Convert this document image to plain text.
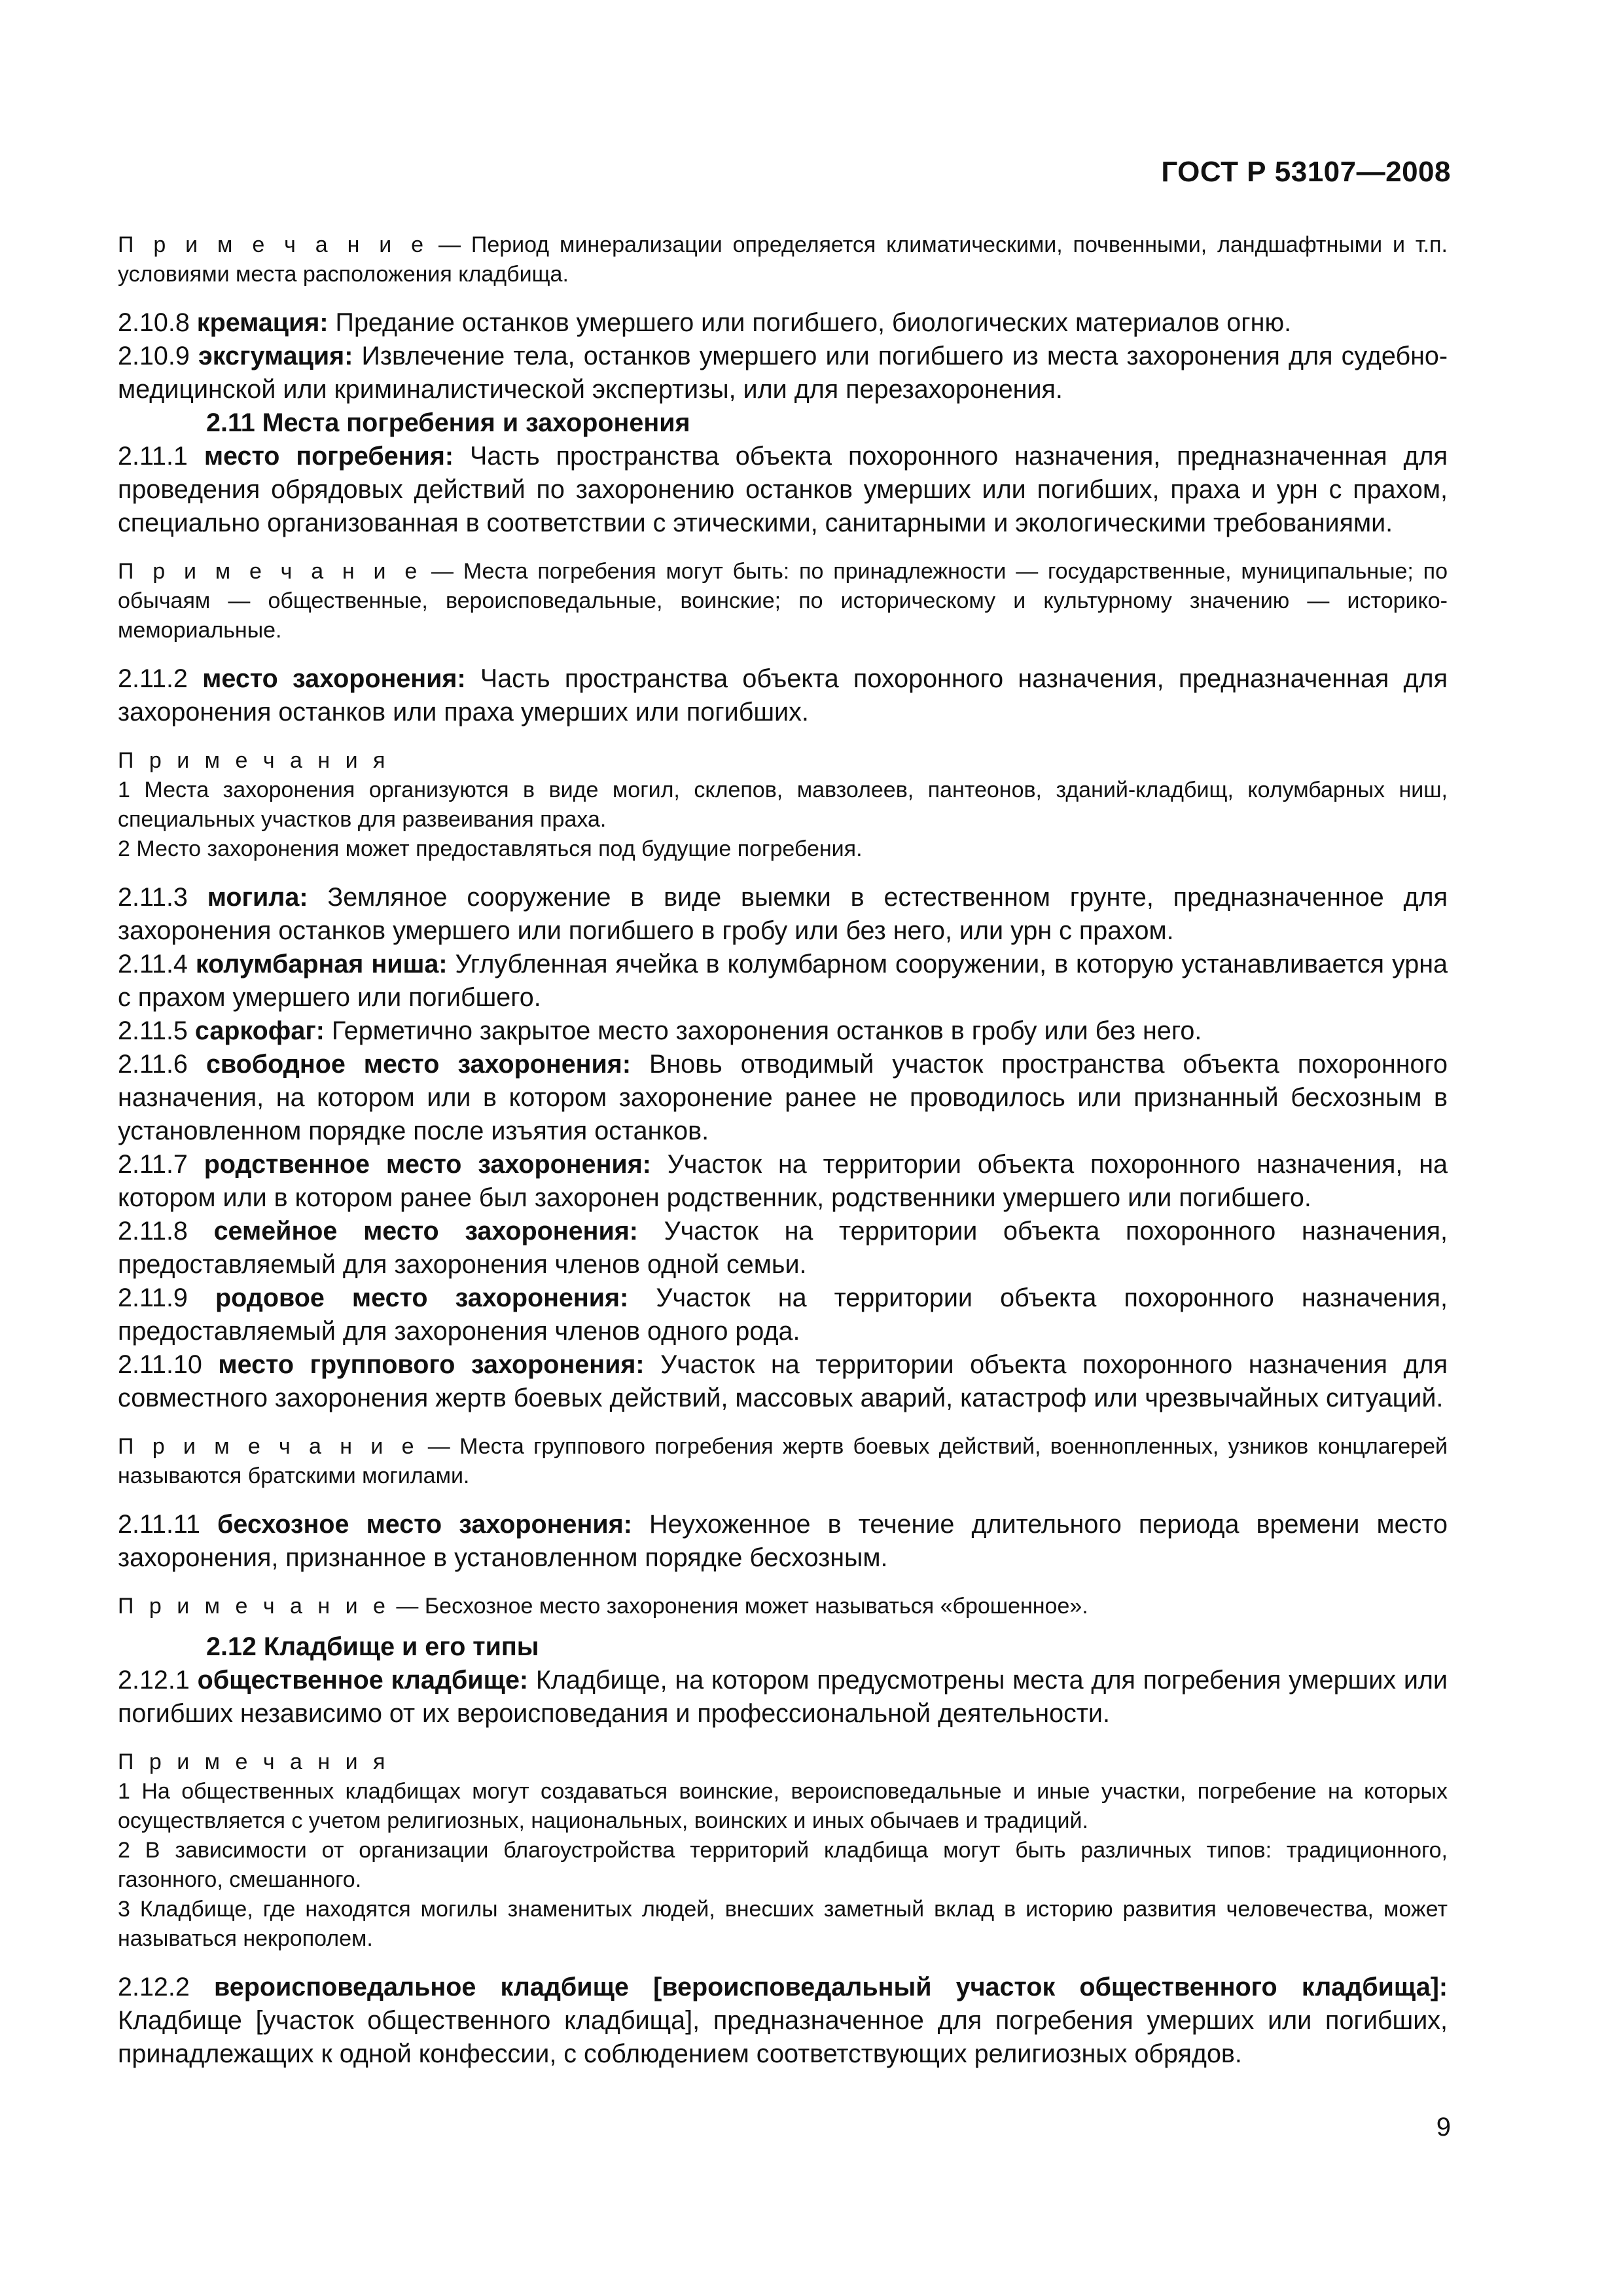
ГОСТ Р 53107—2008

П р и м е ч а н и е — Период минерализации определяется климатическими, почвенными, ландшафтными и т.п. условиями места расположения кладбища.

2.10.8 кремация: Предание останков умершего или погибшего, биологических материалов огню.

2.10.9 эксгумация: Извлечение тела, останков умершего или погибшего из места захоронения для судебно-медицинской или криминалистической экспертизы, или для перезахоронения.

2.11 Места погребения и захоронения

2.11.1 место погребения: Часть пространства объекта похоронного назначения, предназначенная для проведения обрядовых действий по захоронению останков умерших или погибших, праха и урн с прахом, специально организованная в соответствии с этическими, санитарными и экологическими требованиями.

П р и м е ч а н и е — Места погребения могут быть: по принадлежности — государственные, муниципальные; по обычаям — общественные, вероисповедальные, воинские; по историческому и культурному значению — историко-мемориальные.

2.11.2 место захоронения: Часть пространства объекта похоронного назначения, предназначенная для захоронения останков или праха умерших или погибших.

П р и м е ч а н и я

1 Места захоронения организуются в виде могил, склепов, мавзолеев, пантеонов, зданий-кладбищ, колумбарных ниш, специальных участков для развеивания праха.

2 Место захоронения может предоставляться под будущие погребения.

2.11.3 могила: Земляное сооружение в виде выемки в естественном грунте, предназначенное для захоронения останков умершего или погибшего в гробу или без него, или урн с прахом.

2.11.4 колумбарная ниша: Углубленная ячейка в колумбарном сооружении, в которую устанавливается урна с прахом умершего или погибшего.

2.11.5 саркофаг: Герметично закрытое место захоронения останков в гробу или без него.

2.11.6 свободное место захоронения: Вновь отводимый участок пространства объекта похоронного назначения, на котором или в котором захоронение ранее не проводилось или признанный бесхозным в установленном порядке после изъятия останков.

2.11.7 родственное место захоронения: Участок на территории объекта похоронного назначения, на котором или в котором ранее был захоронен родственник, родственники умершего или погибшего.

2.11.8 семейное место захоронения: Участок на территории объекта похоронного назначения, предоставляемый для захоронения членов одной семьи.

2.11.9 родовое место захоронения: Участок на территории объекта похоронного назначения, предоставляемый для захоронения членов одного рода.

2.11.10 место группового захоронения: Участок на территории объекта похоронного назначения для совместного захоронения жертв боевых действий, массовых аварий, катастроф или чрезвычайных ситуаций.

П р и м е ч а н и е — Места группового погребения жертв боевых действий, военнопленных, узников концлагерей называются братскими могилами.

2.11.11 бесхозное место захоронения: Неухоженное в течение длительного периода времени место захоронения, признанное в установленном порядке бесхозным.

П р и м е ч а н и е — Бесхозное место захоронения может называться «брошенное».

2.12 Кладбище и его типы

2.12.1 общественное кладбище: Кладбище, на котором предусмотрены места для погребения умерших или погибших независимо от их вероисповедания и профессиональной деятельности.

П р и м е ч а н и я

1 На общественных кладбищах могут создаваться воинские, вероисповедальные и иные участки, погребение на которых осуществляется с учетом религиозных, национальных, воинских и иных обычаев и традиций.

2 В зависимости от организации благоустройства территорий кладбища могут быть различных типов: традиционного, газонного, смешанного.

3 Кладбище, где находятся могилы знаменитых людей, внесших заметный вклад в историю развития человечества, может называться некрополем.

2.12.2 вероисповедальное кладбище [вероисповедальный участок общественного кладбища]: Кладбище [участок общественного кладбища], предназначенное для погребения умерших или погибших, принадлежащих к одной конфессии, с соблюдением соответствующих религиозных обрядов.

9
